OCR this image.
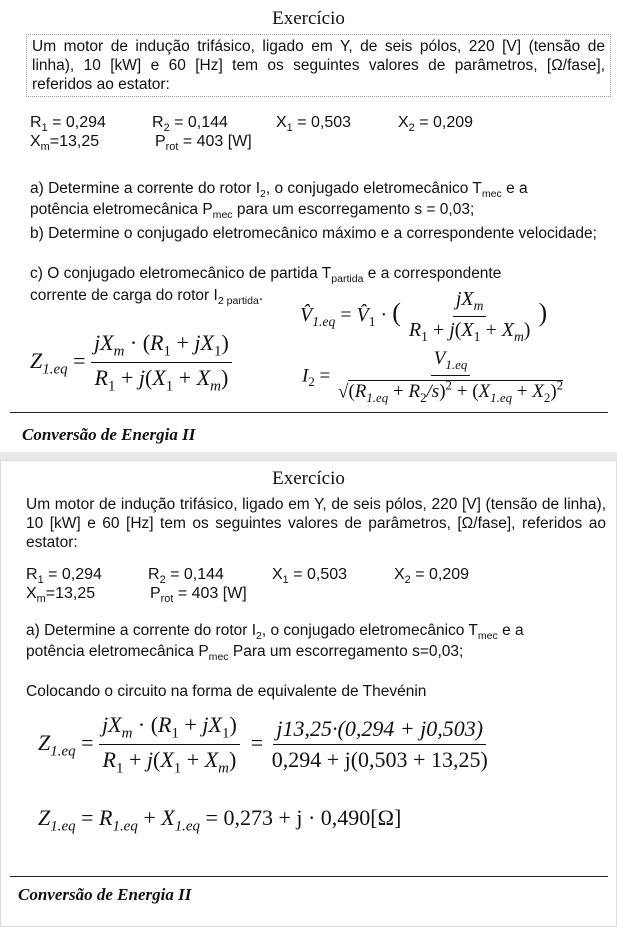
Exercício
Um motor de indução trifásico, ligado em Y, de seis pólos, 220 [V] (tensão de linha), 10 [kW] e 60 [Hz] tem os seguintes valores de parâmetros, [Ω/fase], referidos ao estator:
$R_1 = 0,294$	$R_2 = 0,144$	$X_1 = 0,503$	$X_2 = 0,209$
$X_m=13,25$	$P_{rot} = 403$ [W]
a) Determine a corrente do rotor $I_2$, o conjugado eletromecânico $T_{mec}$ e a
potência eletromecânica $P_{mec}$ para um escorregamento s = 0,03;
b) Determine o conjugado eletromecânico máximo e a correspondente velocidade;
c) O conjugado eletromecânico de partida $T_{partida}$ e a correspondente
corrente de carga do rotor $I_{2 partida}$.
$Z_{1.eq} = \frac{jX_m \cdot (R_1 + jX_1)}{R_1 + j(X_1 + X_m)}$
$V̂_{1.eq}$ = $V̂_1$ · ( $\frac{jX_m}{R_1 + j(X_1 + X_m)}$ )
$I_2 = \frac{V_{1.eq}}{√(R_{1.eq} + R_2/s)^2 + (X_{1.eq} + X_2)^2}$
Conversão de Energia II
Exercício
Um motor de indução trifásico, ligado em Y, de seis pólos, 220 [V] (tensão de linha), 10 [kW] e 60 [Hz] tem os seguintes valores de parâmetros, [Ω/fase], referidos ao estator:
$R_1 = 0,294$	$R_2 = 0,144$	$X_1 = 0,503$	$X_2 = 0,209$
$X_m=13,25$	$P_{rot} = 403$ [W]
a) Determine a corrente do rotor $I_2$, o conjugado eletromecânico $T_{mec}$ e a
potência eletromecânica $P_{mec}$ Para um escorregamento s=0,03;
Colocando o circuito na forma de equivalente de Thevénin
$Z_{1.eq} = \frac{jX_m \cdot (R_1 + jX_1)}{R_1 + j(X_1 + X_m)} = \frac{j13,25\cdot(0,294 + j0,503)}{0,294 + j(0,503 + 13,25)}$
$Z_{1.eq} = R_{1.eq} + X_{1.eq} = 0,273 + j \cdot 0,490[\Omega]$
Conversão de Energia II
